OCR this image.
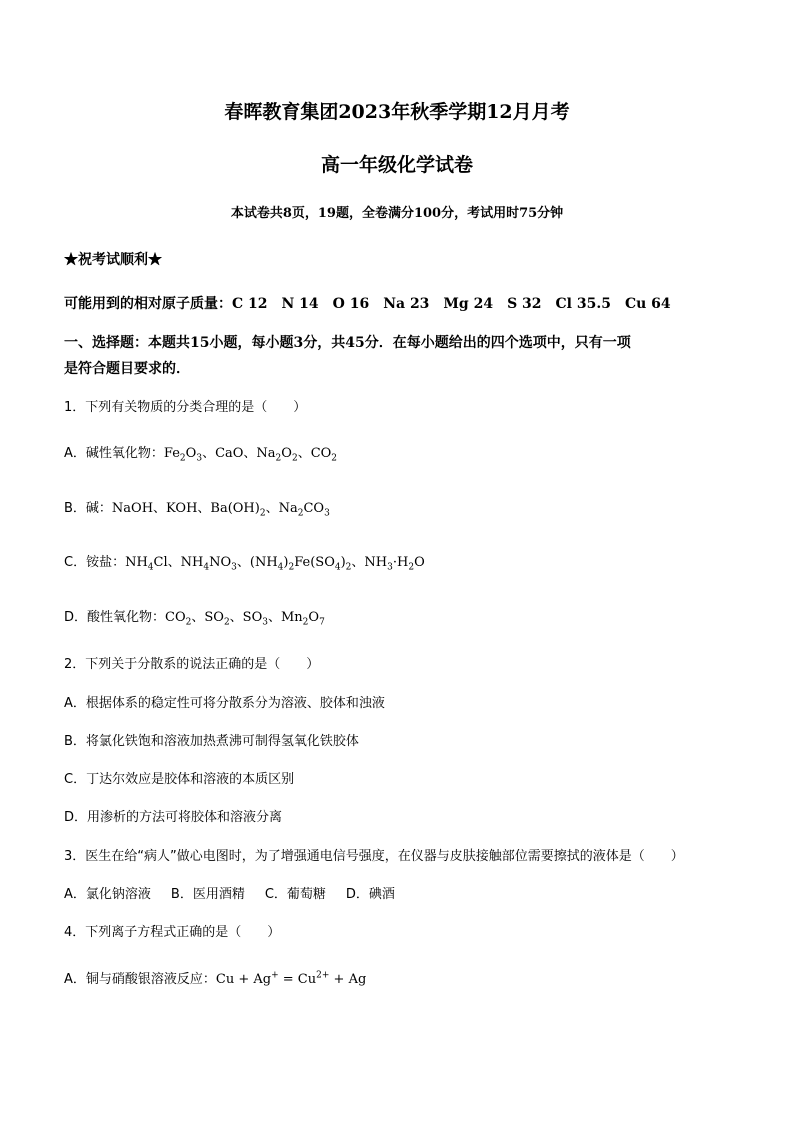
春晖教育集团2023年秋季学期12月月考
高一年级化学试卷
本试卷共8页，19题，全卷满分100分，考试用时75分钟
★祝考试顺利★
可能用到的相对原子质量：C 12　N 14　O 16　Na 23　Mg 24　S 32　Cl 35.5　Cu 64
一、选择题：本题共15小题，每小题3分，共45分．在每小题给出的四个选项中，只有一项
是符合题目要求的．
1．下列有关物质的分类合理的是（　　）
A．碱性氧化物：$Fe_2O_3$、CaO、$Na_2O_2$、$CO_2$
B．碱：NaOH、KOH、$Ba(OH)_2$、$Na_2CO_3$
C．铵盐：$NH_4Cl$、$NH_4NO_3$、$(NH_4)_2Fe(SO_4)_2$、$NH_3\cdot H_2O$
D．酸性氧化物：$CO_2$、$SO_2$、$SO_3$、$Mn_2O_7$
2．下列关于分散系的说法正确的是（　　）
A．根据体系的稳定性可将分散系分为溶液、胶体和浊液
B．将氯化铁饱和溶液加热煮沸可制得氢氧化铁胶体
C．丁达尔效应是胶体和溶液的本质区别
D．用渗析的方法可将胶体和溶液分离
3．医生在给“病人”做心电图时，为了增强通电信号强度，在仪器与皮肤接触部位需要擦拭的液体是（　　）
A．氯化钠溶液 B．医用酒精 C．葡萄糖 D．碘酒
4．下列离子方程式正确的是（　　）
A．铜与硝酸银溶液反应：$Cu + Ag^+ = Cu^{2+} + Ag$
